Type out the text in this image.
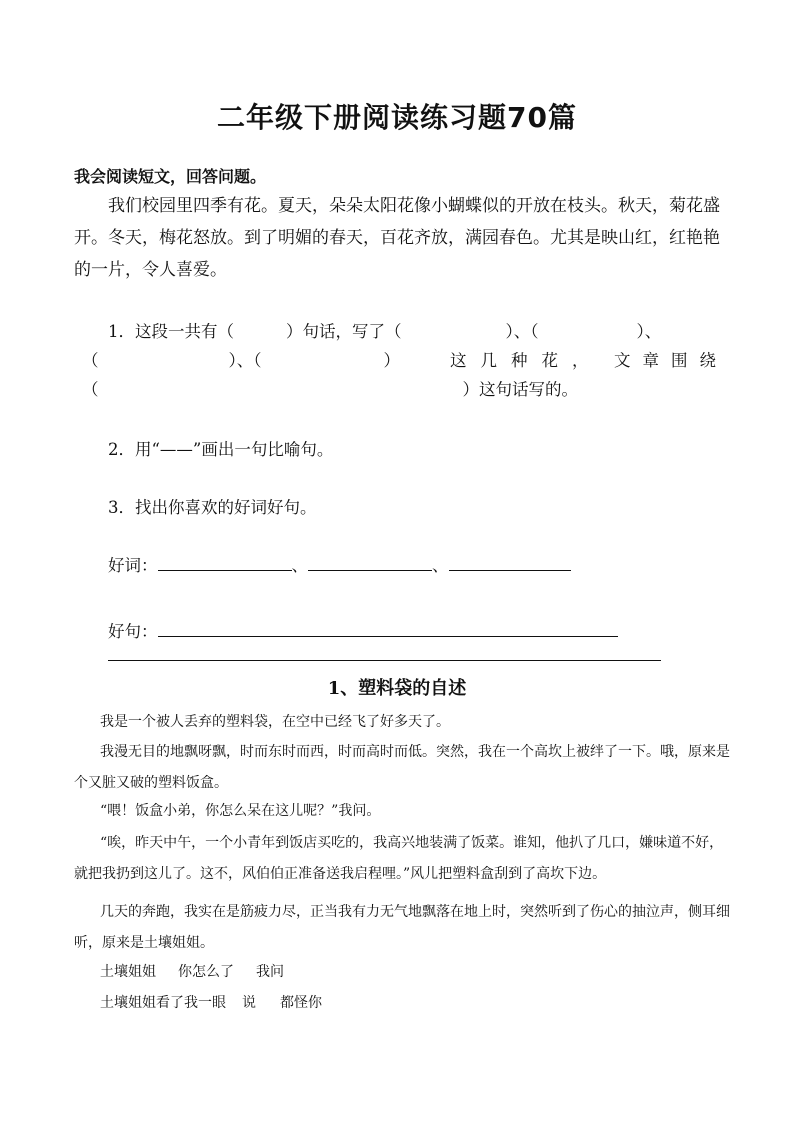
二年级下册阅读练习题70篇
我会阅读短文，回答问题。
我们校园里四季有花。夏天，朵朵太阳花像小蝴蝶似的开放在枝头。秋天，菊花盛开。冬天，梅花怒放。到了明媚的春天，百花齐放，满园春色。尤其是映山红，红艳艳的一片，令人喜爱。
1．这段一共有（	）句话，写了（	）、（	）、
（	）、（	）	这几种花， 文章围绕
（	）这句话写的。
2．用“——”画出一句比喻句。
3．找出你喜欢的好词好句。
好词：	、	、
好句：
1、塑料袋的自述
我是一个被人丢弃的塑料袋，在空中已经飞了好多天了。
我漫无目的地飘呀飘，时而东时而西，时而高时而低。突然，我在一个高坎上被绊了一下。哦，原来是个又脏又破的塑料饭盒。
“喂！饭盒小弟，你怎么呆在这儿呢？”我问。
“唉，昨天中午，一个小青年到饭店买吃的，我高兴地装满了饭菜。谁知，他扒了几口，嫌味道不好，就把我扔到这儿了。这不，风伯伯正准备送我启程哩。”风儿把塑料盒刮到了高坎下边。
几天的奔跑，我实在是筋疲力尽，正当我有力无气地飘落在地上时，突然听到了伤心的抽泣声，侧耳细听，原来是土壤姐姐。
土壤姐姐 你怎么了 我问
土壤姐姐看了我一眼 说 都怪你
